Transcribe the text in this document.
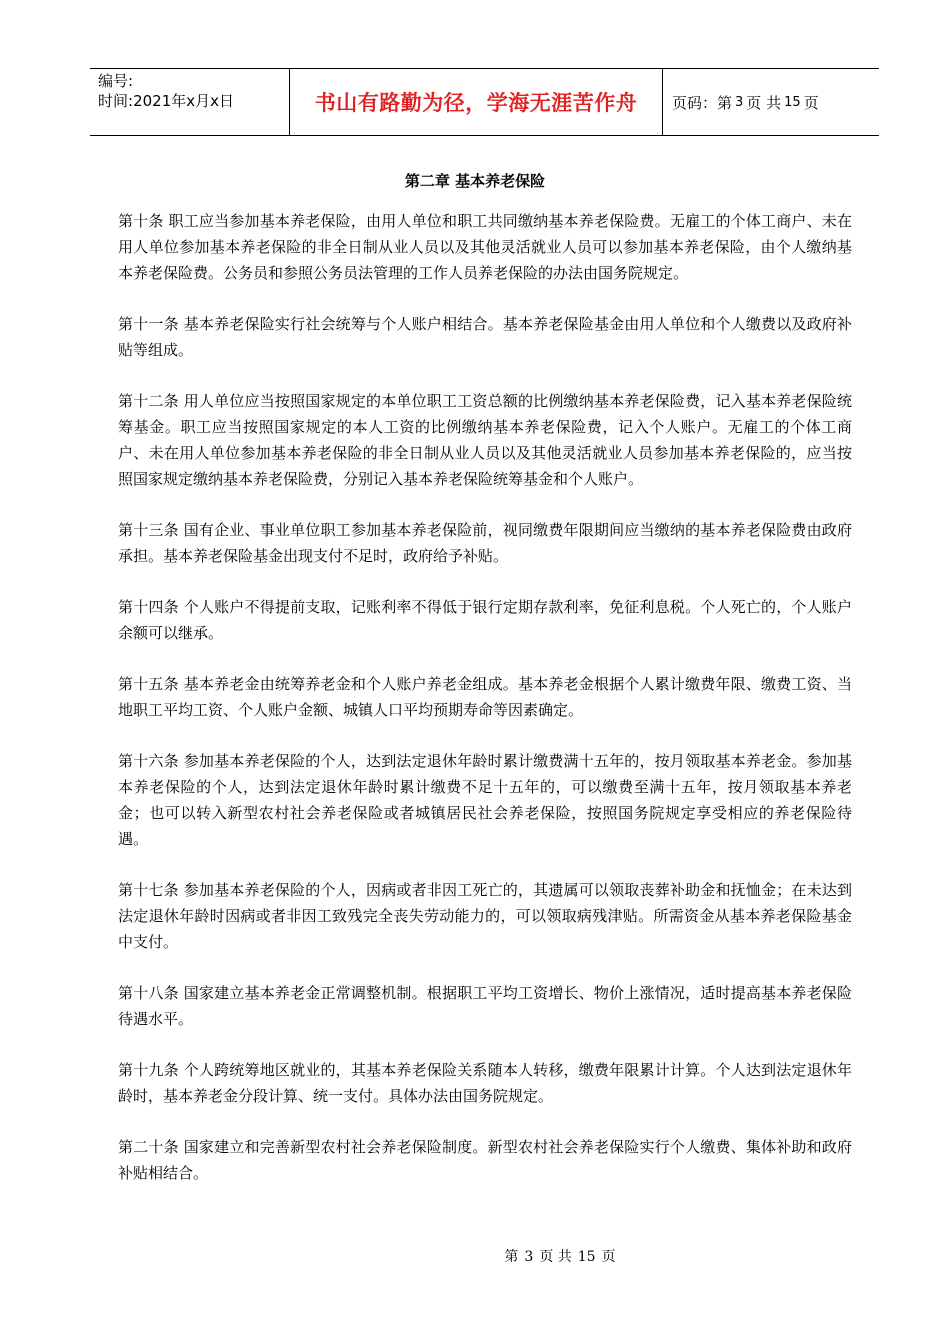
编号:
时间:2021年x月x日	书山有路勤为径，学海无涯苦作舟	页码：第 3 页 共 15 页
第二章 基本养老保险

第十条 职工应当参加基本养老保险，由用人单位和职工共同缴纳基本养老保险费。无雇工的个体工商户、未在用人单位参加基本养老保险的非全日制从业人员以及其他灵活就业人员可以参加基本养老保险，由个人缴纳基本养老保险费。公务员和参照公务员法管理的工作人员养老保险的办法由国务院规定。

第十一条 基本养老保险实行社会统筹与个人账户相结合。基本养老保险基金由用人单位和个人缴费以及政府补贴等组成。

第十二条 用人单位应当按照国家规定的本单位职工工资总额的比例缴纳基本养老保险费，记入基本养老保险统筹基金。职工应当按照国家规定的本人工资的比例缴纳基本养老保险费，记入个人账户。无雇工的个体工商户、未在用人单位参加基本养老保险的非全日制从业人员以及其他灵活就业人员参加基本养老保险的，应当按照国家规定缴纳基本养老保险费，分别记入基本养老保险统筹基金和个人账户。

第十三条 国有企业、事业单位职工参加基本养老保险前，视同缴费年限期间应当缴纳的基本养老保险费由政府承担。基本养老保险基金出现支付不足时，政府给予补贴。

第十四条 个人账户不得提前支取，记账利率不得低于银行定期存款利率，免征利息税。个人死亡的，个人账户余额可以继承。

第十五条 基本养老金由统筹养老金和个人账户养老金组成。基本养老金根据个人累计缴费年限、缴费工资、当地职工平均工资、个人账户金额、城镇人口平均预期寿命等因素确定。

第十六条 参加基本养老保险的个人，达到法定退休年龄时累计缴费满十五年的，按月领取基本养老金。参加基本养老保险的个人，达到法定退休年龄时累计缴费不足十五年的，可以缴费至满十五年，按月领取基本养老金；也可以转入新型农村社会养老保险或者城镇居民社会养老保险，按照国务院规定享受相应的养老保险待遇。

第十七条 参加基本养老保险的个人，因病或者非因工死亡的，其遗属可以领取丧葬补助金和抚恤金；在未达到法定退休年龄时因病或者非因工致残完全丧失劳动能力的，可以领取病残津贴。所需资金从基本养老保险基金中支付。

第十八条 国家建立基本养老金正常调整机制。根据职工平均工资增长、物价上涨情况，适时提高基本养老保险待遇水平。

第十九条 个人跨统筹地区就业的，其基本养老保险关系随本人转移，缴费年限累计计算。个人达到法定退休年龄时，基本养老金分段计算、统一支付。具体办法由国务院规定。

第二十条 国家建立和完善新型农村社会养老保险制度。新型农村社会养老保险实行个人缴费、集体补助和政府补贴相结合。

第 3 页 共 15 页
